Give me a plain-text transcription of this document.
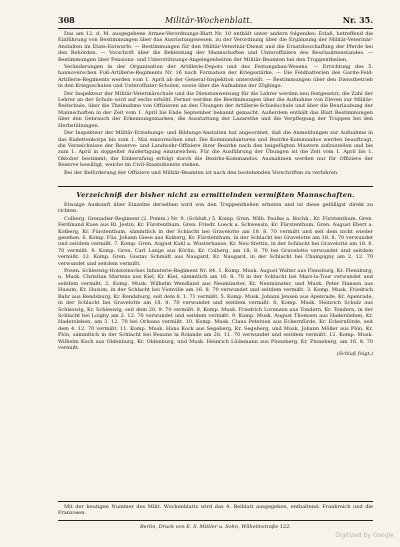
308	Militär-Wochenblatt.	Nr. 35.

Das am 12. d. M. ausgegebene Armee-Verordnungs-Blatt Nr. 10 enthält unter andern folgendes: Erlaß, betreffend die Einführung von Bestimmungen über das Ausrüstungswesen, zu der Verordnung über die Ergänzung der Militär-Veterinär-Anstalten im Etats-Entwurfe. — Bestimmungen für den Militär-Veterinär-Dienst und die Ersatzbeschaffung der Pferde bei den Behörden. — Vorschrift über die Bekleidung der Mannschaften und Unteroffiziere des Beurlaubtenstandes. — Bestimmungen über Pensions- und Unterstützungs-Angelegenheiten der Militär-Beamten bei den Truppentheilen.

Veränderungen in der Organisation der Artillerie-Depots und des Festungsbau-Wesens. — Errichtung des 5. hannoverschen Fuß-Artillerie-Regiments Nr. 16 nach Formation der Kriegsstärke. — Die Feldbatterien des Garde-Feld-Artillerie-Regiments werden vom 1. April ab der General-Inspektion unterstellt. — Bestimmungen über den Dienstbetrieb in den Kriegsschulen und Unteroffizier-Schulen, sowie über die Aufnahme der Zöglinge.

Der Inspekteur der Militär-Veterinärschule und die Dienstanweisung für die Lehrer werden neu festgesetzt; die Zahl der Lehrer an der Schule wird auf sechs erhöht. Ferner werden die Bestimmungen über die Aufnahme von Eleven zur Militär-Reitschule, über die Theilnahme von Offizieren an den Übungen der Artillerie-Schießschule und über die Beurlaubung der Mannschaften in der Zeit vom 1. April bis Ende September bekannt gemacht. Außerdem enthält das Blatt Bestimmungen über den Gebrauch der Erkennungsmarken, die Ausstattung der Lazarethe und die Verpflegung der Truppen bei den Herbstübungen.

Der Inspekteur der Militär-Erziehungs- und Bildungs-Anstalten hat angeordnet, daß die Anmeldungen zur Aufnahme in das Kadettenkorps bis zum 1. Mai einzureichen sind. Die Kommandanturen und Bezirks-Kommandos werden beauftragt, die Verzeichnisse der Reserve- und Landwehr-Offiziere ihrer Bezirke nach den beigefügten Mustern aufzustellen und bis zum 1. April in doppelter Ausfertigung einzureichen. Für die Ausführung der Übungen ist die Zeit vom 1. April bis 1. Oktober bestimmt; die Einberufung erfolgt durch die Bezirks-Kommandos. Ausnahmen werden nur für Offiziere der Reserve bewilligt, welche im Civil-Staatsdienste stehen.

Bei der Beförderung der Offiziere und Militär-Beamten ist nach den bestehenden Vorschriften zu verfahren.

Verzeichniß der bisher nicht zu ermittelnden vermißten Mannschaften.

Etwaige Auskunft über Einzelne derselben wird von den Truppentheilen erbeten und ist diese gefälligst direkt zu richten.

Colberg. Grenadier-Regiment (2. Pomm.) Nr. 9. (Schluß.) 5. Komp. Gren. Wilh. Paulke a. Buchh., Kr. Fürstenthum, Gren. Ferdinand Kuse aus Rl. Jestin, Kr. Fürstenthum, Gren. Friedr. Loeck a. Schwessin, Kr. Fürstenthum, Gren. August Ebert a. Kolberg, Kr. Fürstenthum, sämmtlich in der Schlacht bei Gravelotte am 18. 8. 70 vermißt und seit dem nicht wieder gesehen. 6. Komp. Füs. Johann Giese aus Kolberg, Kr. Fürstenthum, in der Schlacht bei Gravelotte am 18. 8. 70 verwundet und seitdem vermißt. 7. Komp. Gren. August Kahl a. Wusterhanse, Kr. Neu-Stettin, in der Schlacht bei Gravelotte am 18. 8. 70 vermißt. 8. Komp. Gren. Carl Lange aus Körlin, Kr. Colberg, am 18. 8. 70 bei Gravelotte verwundet und seitdem vermißt. 12. Komp. Gren. Gustav Schmidt aus Naugard, Kr. Naugard, in der Schlacht bei Champigny am 2. 12. 70 verwundet und seitdem vermißt.

Posen. Schleswig-Holsteinsches Infanterie-Regiment Nr. 84. 1. Komp. Musk. August Walter aus Flensburg, Kr. Flensburg, u. Musk. Christian Martens aus Kiel, Kr. Kiel, sämmtlich am 16. 8. 70 in der Schlacht bei Mars-la-Tour verwundet und seitdem vermißt. 2. Komp. Musk. Wilhelm Wendland aus Neumünster, Kr. Neumünster, und Musk. Peter Hansen aus Husum, Kr. Husum, in der Schlacht bei Vionville am 16. 8. 70 verwundet und seitdem vermißt. 3. Komp. Musk. Friedrich Bahr aus Rendsburg, Kr. Rendsburg, seit dem 8. 1. 71 vermißt. 5. Komp. Musk. Johann Jensen aus Apenrade, Kr. Apenrade, in der Schlacht bei Gravelotte am 18. 8. 70 verwundet und seitdem vermißt. 6. Komp. Musk. Heinrich Schulz aus Schleswig, Kr. Schleswig, seit dem 20. 9. 70 vermißt. 8. Komp. Musk. Friedrich Lorenzen aus Tondern, Kr. Tondern, in der Schlacht bei Loigny am 2. 12. 70 verwundet und seitdem vermißt. 9. Komp. Musk. August Thomsen aus Hadersleben, Kr. Hadersleben, am 3. 12. 70 bei Orleans vermißt. 10. Komp. Musk. Claus Petersen aus Eckernförde, Kr. Eckernförde, seit dem 4. 12. 70 vermißt. 11. Komp. Musk. Hans Kock aus Segeberg, Kr. Segeberg, und Musk. Johann Möller aus Plön, Kr. Plön, sämmtlich in der Schlacht bei Beaune la Rolande am 28. 11. 70 verwundet und seitdem vermißt. 12. Komp. Musk. Wilhelm Koch aus Oldenburg, Kr. Oldenburg, und Musk. Heinrich Lüdemann aus Pinneberg, Kr. Pinneberg, am 16. 8. 70 vermißt.

(Schluß folgt.)

Mit der heutigen Nummer des Milit. Wochenblatts wird das 4. Beiblatt ausgegeben, enthaltend: Frankreich und die Franzosen.

Berlin, Druck von E. S. Mittler u. Sohn, Wilhelmstraße 122.
Digitized by Google
